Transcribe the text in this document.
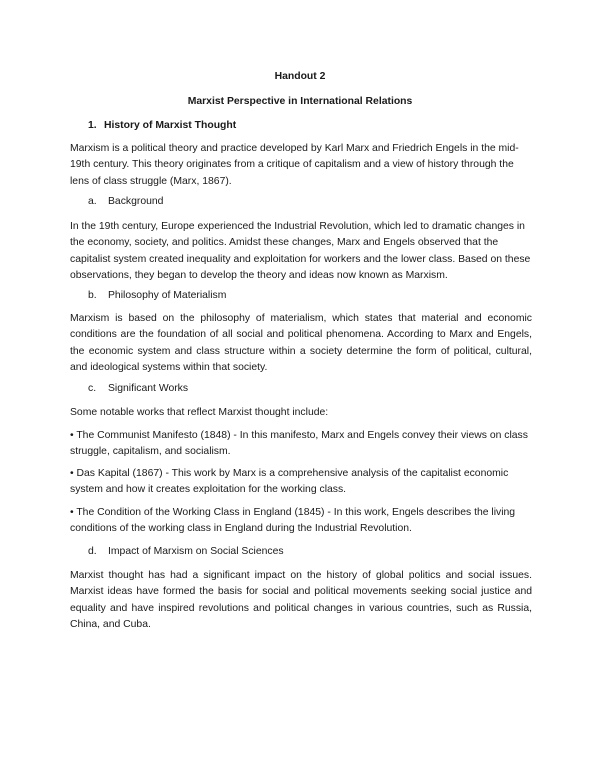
Handout 2

Marxist Perspective in International Relations

1. History of Marxist Thought

Marxism is a political theory and practice developed by Karl Marx and Friedrich Engels in the mid-19th century. This theory originates from a critique of capitalism and a view of history through the lens of class struggle (Marx, 1867).

a. Background

In the 19th century, Europe experienced the Industrial Revolution, which led to dramatic changes in the economy, society, and politics. Amidst these changes, Marx and Engels observed that the capitalist system created inequality and exploitation for workers and the lower class. Based on these observations, they began to develop the theory and ideas now known as Marxism.

b. Philosophy of Materialism

Marxism is based on the philosophy of materialism, which states that material and economic conditions are the foundation of all social and political phenomena. According to Marx and Engels, the economic system and class structure within a society determine the form of political, cultural, and ideological systems within that society.

c. Significant Works

Some notable works that reflect Marxist thought include:

• The Communist Manifesto (1848) - In this manifesto, Marx and Engels convey their views on class struggle, capitalism, and socialism.

• Das Kapital (1867) - This work by Marx is a comprehensive analysis of the capitalist economic system and how it creates exploitation for the working class.

• The Condition of the Working Class in England (1845) - In this work, Engels describes the living conditions of the working class in England during the Industrial Revolution.

d. Impact of Marxism on Social Sciences

Marxist thought has had a significant impact on the history of global politics and social issues. Marxist ideas have formed the basis for social and political movements seeking social justice and equality and have inspired revolutions and political changes in various countries, such as Russia, China, and Cuba.
